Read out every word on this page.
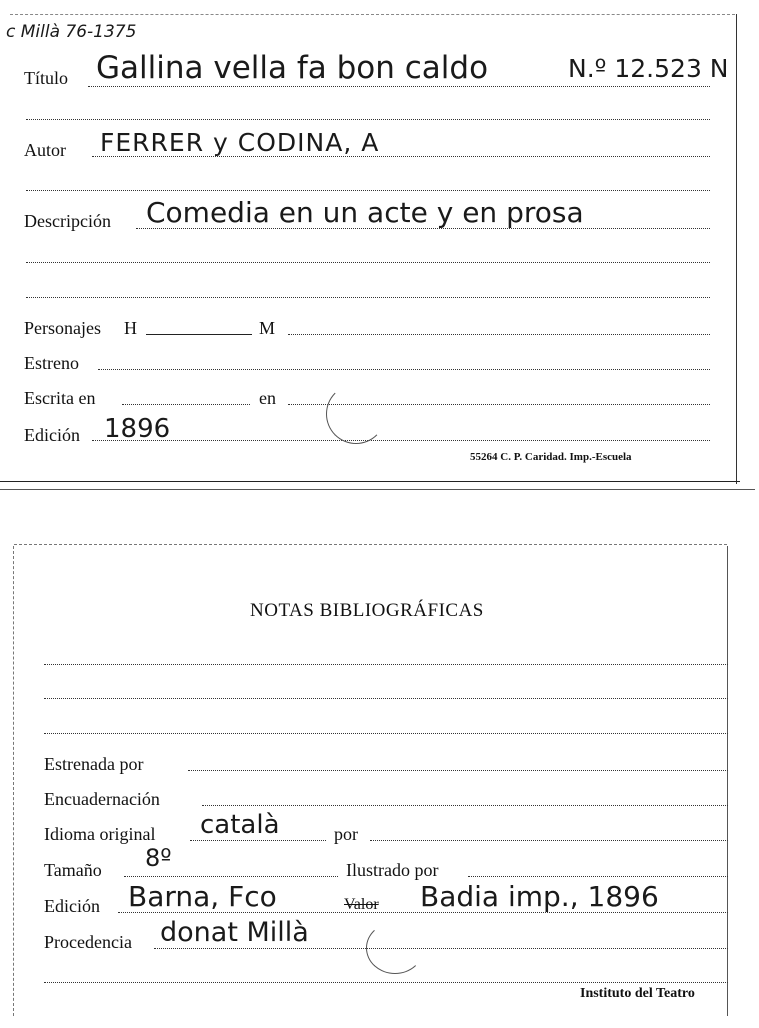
c Millà 76-1375
Título Gallina vella fa bon caldo	N.º 12.523 N
Autor FERRER y CODINA, A
Descripción Comedia en un acte y en prosa
Personajes H	M
Estreno
Escrita en	en
Edición 1896
55264 C. P. Caridad. Imp.-Escuela
NOTAS BIBLIOGRÁFICAS
Estrenada por
Encuadernación
Idioma original català	por
Tamaño 8º	Ilustrado por
Edición Barna, Fco	Valor Badia imp., 1896
Procedencia donat Millà
Instituto del Teatro
